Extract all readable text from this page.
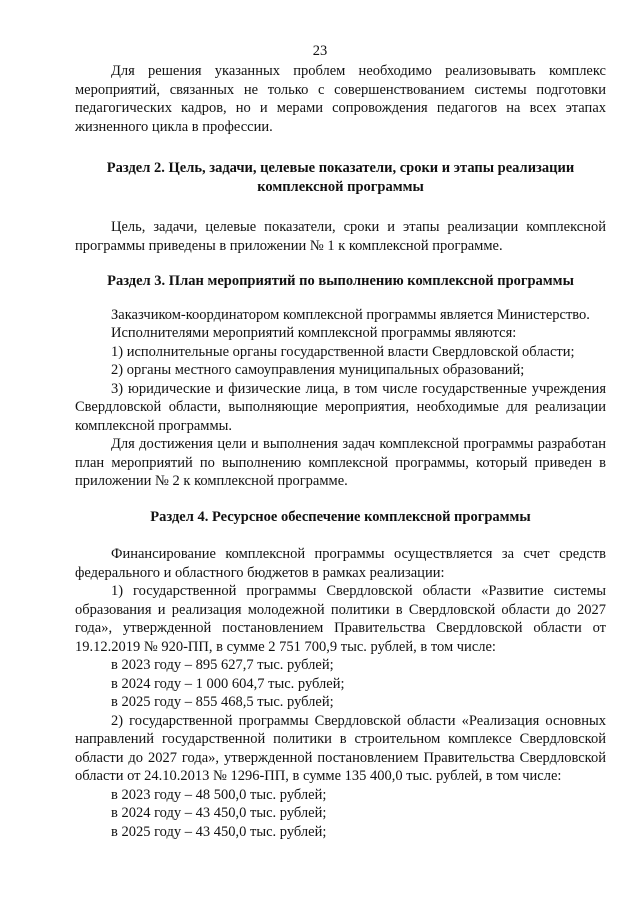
23

Для решения указанных проблем необходимо реализовывать комплекс мероприятий, связанных не только с совершенствованием системы подготовки педагогических кадров, но и мерами сопровождения педагогов на всех этапах жизненного цикла в профессии.

Раздел 2. Цель, задачи, целевые показатели, сроки и этапы реализации комплексной программы

Цель, задачи, целевые показатели, сроки и этапы реализации комплексной программы приведены в приложении № 1 к комплексной программе.

Раздел 3. План мероприятий по выполнению комплексной программы

Заказчиком-координатором комплексной программы является Министерство.

Исполнителями мероприятий комплексной программы являются:

1) исполнительные органы государственной власти Свердловской области;

2) органы местного самоуправления муниципальных образований;

3) юридические и физические лица, в том числе государственные учреждения Свердловской области, выполняющие мероприятия, необходимые для реализации комплексной программы.

Для достижения цели и выполнения задач комплексной программы разработан план мероприятий по выполнению комплексной программы, который приведен в приложении № 2 к комплексной программе.

Раздел 4. Ресурсное обеспечение комплексной программы

Финансирование комплексной программы осуществляется за счет средств федерального и областного бюджетов в рамках реализации:

1) государственной программы Свердловской области «Развитие системы образования и реализация молодежной политики в Свердловской области до 2027 года», утвержденной постановлением Правительства Свердловской области от 19.12.2019 № 920-ПП, в сумме 2 751 700,9 тыс. рублей, в том числе:

в 2023 году – 895 627,7 тыс. рублей;

в 2024 году – 1 000 604,7 тыс. рублей;

в 2025 году – 855 468,5 тыс. рублей;

2) государственной программы Свердловской области «Реализация основных направлений государственной политики в строительном комплексе Свердловской области до 2027 года», утвержденной постановлением Правительства Свердловской области от 24.10.2013 № 1296-ПП, в сумме 135 400,0 тыс. рублей, в том числе:

в 2023 году – 48 500,0 тыс. рублей;

в 2024 году – 43 450,0 тыс. рублей;

в 2025 году – 43 450,0 тыс. рублей;
